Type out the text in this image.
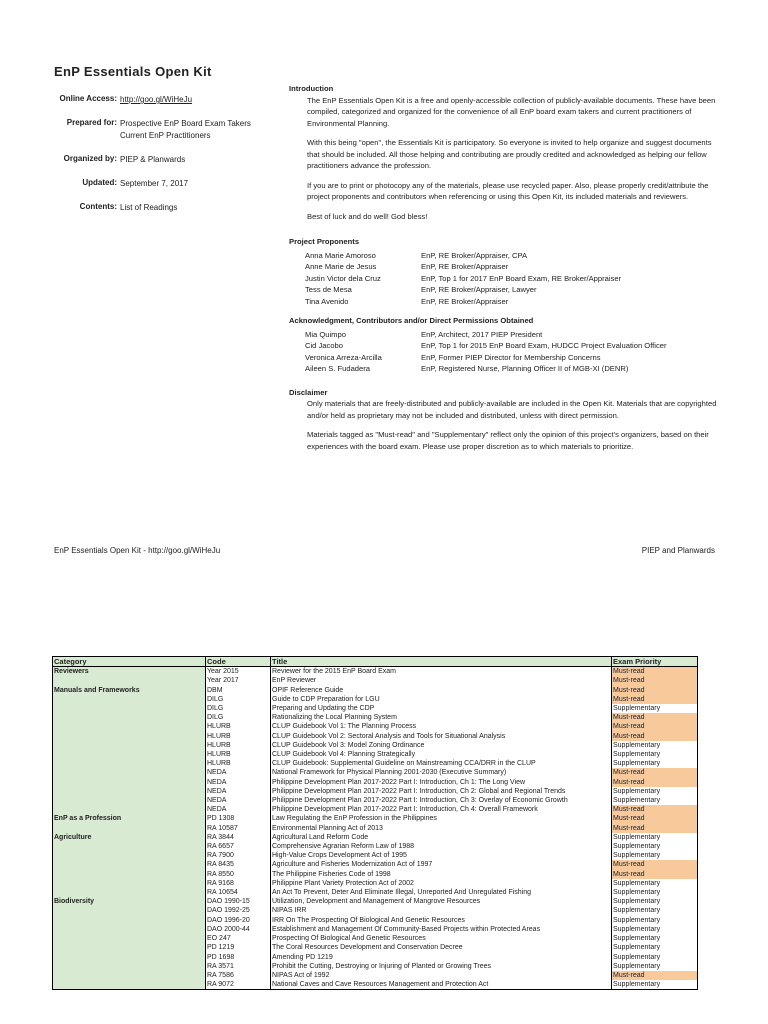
EnP Essentials Open Kit
Online Access: http://goo.gl/WiHeJu
Prepared for: Prospective EnP Board Exam Takers
Current EnP Practitioners
Organized by: PIEP & Planwards
Updated: September 7, 2017
Contents: List of Readings

Introduction

The EnP Essentials Open Kit is a free and openly-accessible collection of publicly-available documents. These have been compiled, categorized and organized for the convenience of all EnP board exam takers and current practitioners of Environmental Planning.

With this being "open", the Essentials Kit is participatory. So everyone is invited to help organize and suggest documents that should be included. All those helping and contributing are proudly credited and acknowledged as helping our fellow practitioners advance the profession.

If you are to print or photocopy any of the materials, please use recycled paper. Also, please properly credit/attribute the project proponents and contributors when referencing or using this Open Kit, its included materials and reviewers.

Best of luck and do well! God bless!

Project Proponents

Anna Marie Amoroso	EnP, RE Broker/Appraiser, CPA
Anne Marie de Jesus	EnP, RE Broker/Appraiser
Justin Victor dela Cruz	EnP, Top 1 for 2017 EnP Board Exam, RE Broker/Appraiser
Tess de Mesa	EnP, RE Broker/Appraiser, Lawyer
Tina Avenido	EnP, RE Broker/Appraiser

Acknowledgment, Contributors and/or Direct Permissions Obtained

Mia Quimpo	EnP, Architect, 2017 PIEP President
Cid Jacobo	EnP, Top 1 for 2015 EnP Board Exam, HUDCC Project Evaluation Officer
Veronica Arreza-Arcilla	EnP, Former PIEP Director for Membership Concerns
Aileen S. Fudadera	EnP, Registered Nurse, Planning Officer II of MGB-XI (DENR)

Disclaimer

Only materials that are freely-distributed and publicly-available are included in the Open Kit. Materials that are copyrighted and/or held as proprietary may not be included and distributed, unless with direct permission.

Materials tagged as "Must-read" and "Supplementary" reflect only the opinion of this project's organizers, based on their experiences with the board exam. Please use proper discretion as to which materials to prioritize.

EnP Essentials Open Kit - http://goo.gl/WiHeJu	PIEP and Planwards
Category	Code	Title	Exam Priority
Reviewers	Year 2015	Reviewer for the 2015 EnP Board Exam	Must-read
	Year 2017	EnP Reviewer	Must-read
Manuals and Frameworks	DBM	OPIF Reference Guide	Must-read
	DILG	Guide to CDP Preparation for LGU	Must-read
	DILG	Preparing and Updating the CDP	Supplementary
	DILG	Rationalizing the Local Planning System	Must-read
	HLURB	CLUP Guidebook Vol 1: The Planning Process	Must-read
	HLURB	CLUP Guidebook Vol 2: Sectoral Analysis and Tools for Situational Analysis	Must-read
	HLURB	CLUP Guidebook Vol 3: Model Zoning Ordinance	Supplementary
	HLURB	CLUP Guidebook Vol 4: Planning Strategically	Supplementary
	HLURB	CLUP Guidebook: Supplemental Guideline on Mainstreaming CCA/DRR in the CLUP	Supplementary
	NEDA	National Framework for Physical Planning 2001-2030 (Executive Summary)	Must-read
	NEDA	Philippine Development Plan 2017-2022 Part I: Introduction, Ch 1: The Long View	Must-read
	NEDA	Philippine Development Plan 2017-2022 Part I: Introduction, Ch 2: Global and Regional Trends	Supplementary
	NEDA	Philippine Development Plan 2017-2022 Part I: Introduction, Ch 3: Overlay of Economic Growth	Supplementary
	NEDA	Philippine Development Plan 2017-2022 Part I: Introduction, Ch 4: Overall Framework	Must-read
EnP as a Profession	PD 1308	Law Regulating the EnP Profession in the Philippines	Must-read
	RA 10587	Environmental Planning Act of 2013	Must-read
Agriculture	RA 3844	Agricultural Land Reform Code	Supplementary
	RA 6657	Comprehensive Agrarian Reform Law of 1988	Supplementary
	RA 7900	High-Value Crops Development Act of 1995	Supplementary
	RA 8435	Agriculture and Fisheries Modernization Act of 1997	Must-read
	RA 8550	The Philippine Fisheries Code of 1998	Must-read
	RA 9168	Philippine Plant Variety Protection Act of 2002	Supplementary
	RA 10654	An Act To Prevent, Deter And Eliminate Illegal, Unreported And Unregulated Fishing	Supplementary
Biodiversity	DAO 1990-15	Utilization, Development and Management of Mangrove Resources	Supplementary
	DAO 1992-25	NIPAS IRR	Supplementary
	DAO 1996-20	IRR On The Prospecting Of Biological And Genetic Resources	Supplementary
	DAO 2000-44	Establishment and Management Of Community-Based Projects within Protected Areas	Supplementary
	EO 247	Prospecting Of Biological And Genetic Resources	Supplementary
	PD 1219	The Coral Resources Development and Conservation Decree	Supplementary
	PD 1698	Amending PD 1219	Supplementary
	RA 3571	Prohibit the Cutting, Destroying or Injuring of Planted or Growing Trees	Supplementary
	RA 7586	NIPAS Act of 1992	Must-read
	RA 9072	National Caves and Cave Resources Management and Protection Act	Supplementary
